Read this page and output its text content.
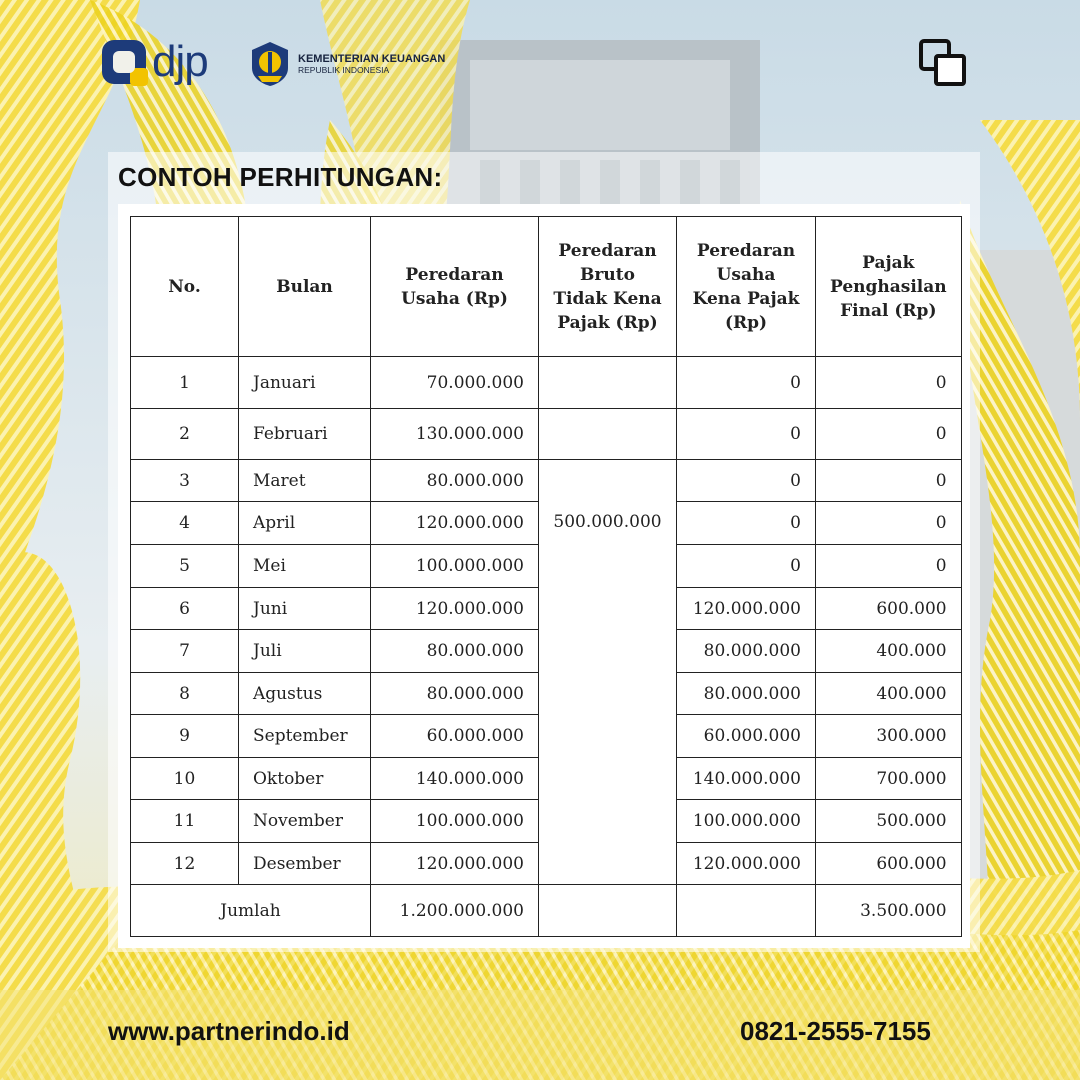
djp	KEMENTERIAN KEUANGAN
REPUBLIK INDONESIA
CONTOH PERHITUNGAN:
No.	Bulan	Peredaran Usaha (Rp)	Peredaran Bruto Tidak Kena Pajak (Rp)	Peredaran Usaha Kena Pajak (Rp)	Pajak Penghasilan Final (Rp)
1	Januari	70.000.000		0	0
2	Februari	130.000.000		0	0
3	Maret	80.000.000	500.000.000	0	0
4	April	120.000.000		0	0
5	Mei	100.000.000		0	0
6	Juni	120.000.000		120.000.000	600.000
7	Juli	80.000.000		80.000.000	400.000
8	Agustus	80.000.000		80.000.000	400.000
9	September	60.000.000		60.000.000	300.000
10	Oktober	140.000.000		140.000.000	700.000
11	November	100.000.000		100.000.000	500.000
12	Desember	120.000.000		120.000.000	600.000
Jumlah		1.200.000.000			3.500.000
www.partnerindo.id	0821-2555-7155
